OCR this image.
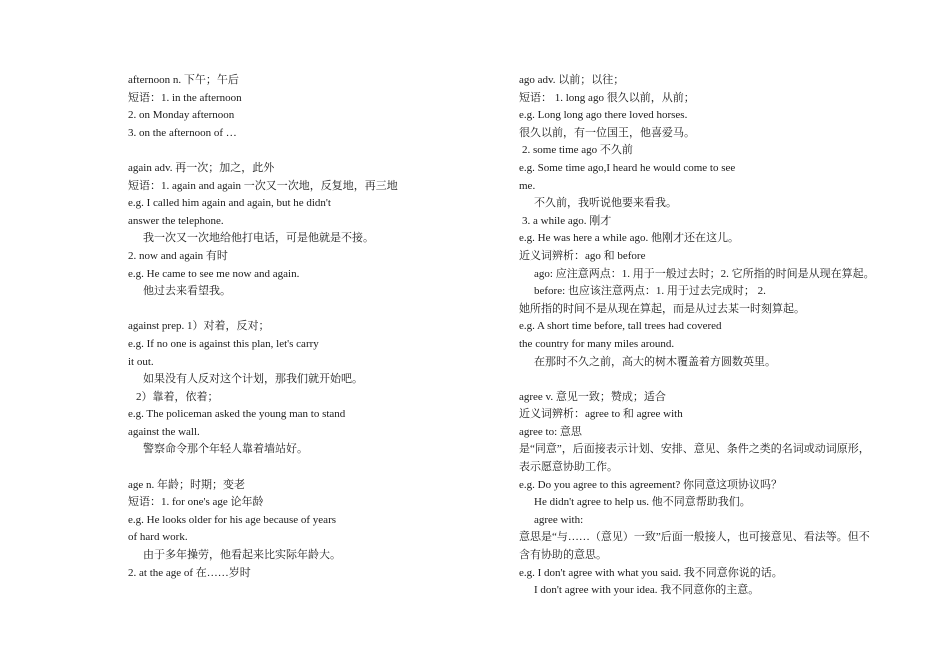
afternoon n. 下午；午后
短语：1. in the afternoon
2. on Monday afternoon
3. on the afternoon of …
again adv. 再一次；加之，此外
短语：1. again and again 一次又一次地，反复地，再三地
e.g. I called him again and again, but he didn't
answer the telephone.
我一次又一次地给他打电话，可是他就是不接。
2. now and again 有时
e.g. He came to see me now and again.
他过去来看望我。
against prep. 1）对着，反对；
e.g. If no one is against this plan, let's carry
it out.
如果没有人反对这个计划，那我们就开始吧。
2）靠着，依着；
e.g. The policeman asked the young man to stand
against the wall.
警察命令那个年轻人靠着墙站好。
age n. 年龄；时期；变老
短语：1. for one's age 论年龄
e.g. He looks older for his age because of years
of hard work.
由于多年操劳，他看起来比实际年龄大。
2. at the age of 在……岁时
ago adv. 以前；以往；
短语： 1. long ago 很久以前，从前；
e.g. Long long ago there loved horses.
很久以前，有一位国王，他喜爱马。
2. some time ago 不久前
e.g. Some time ago,I heard he would come to see
me.
不久前，我听说他要来看我。
3. a while ago. 刚才
e.g. He was here a while ago. 他刚才还在这儿。
近义词辨析：ago 和 before
ago: 应注意两点：1. 用于一般过去时；2. 它所指的时间是从现在算起。
before: 也应该注意两点：1. 用于过去完成时； 2.
她所指的时间不是从现在算起，而是从过去某一时刻算起。
e.g. A short time before, tall trees had covered
the country for many miles around.
在那时不久之前，高大的树木覆盖着方圆数英里。
agree v. 意见一致；赞成；适合
近义词辨析：agree to 和 agree with
agree to: 意思
是“同意”，后面接表示计划、安排、意见、条件之类的名词或动词原形，
表示愿意协助工作。
e.g. Do you agree to this agreement? 你同意这项协议吗？
He didn't agree to help us. 他不同意帮助我们。
agree with:
意思是“与……（意见）一致”后面一般接人，也可接意见、看法等。但不
含有协助的意思。
e.g. I don't agree with what you said. 我不同意你说的话。
I don't agree with your idea. 我不同意你的主意。
